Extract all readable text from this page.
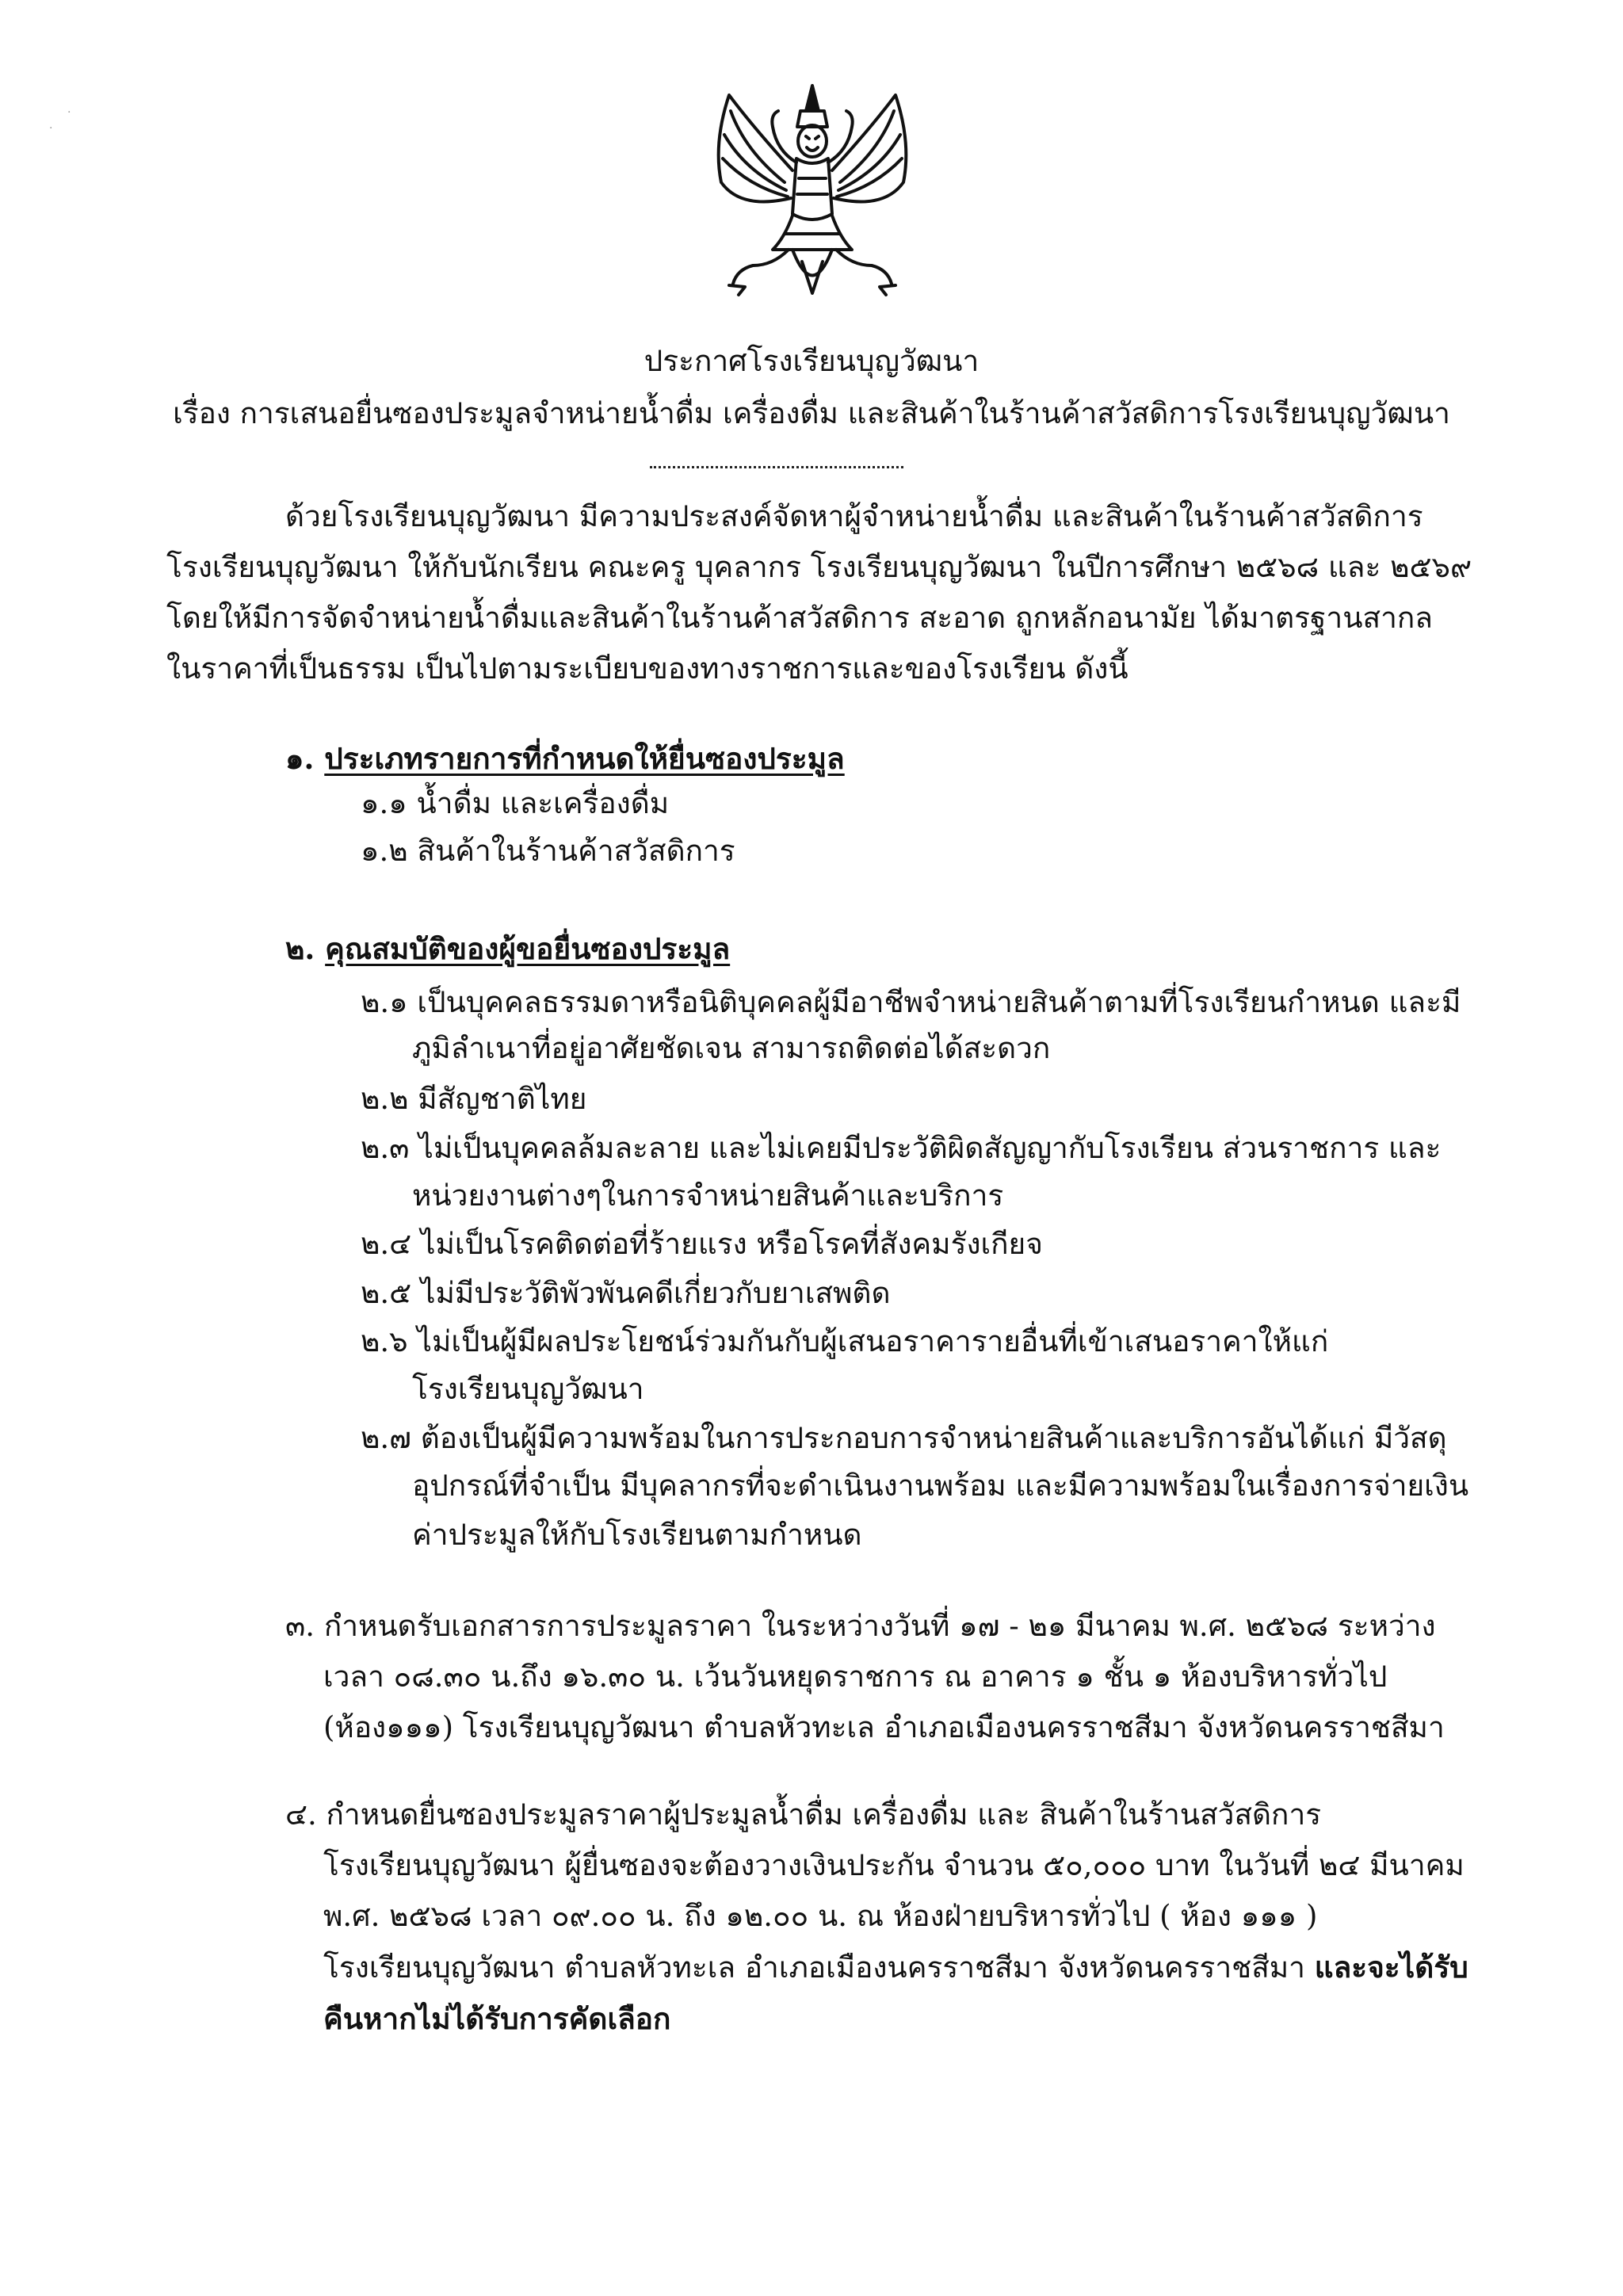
ประกาศโรงเรียนบุญวัฒนา
เรื่อง การเสนอยื่นซองประมูลจำหน่ายน้ำดื่ม เครื่องดื่ม และสินค้าในร้านค้าสวัสดิการโรงเรียนบุญวัฒนา

ด้วยโรงเรียนบุญวัฒนา มีความประสงค์จัดหาผู้จำหน่ายน้ำดื่ม และสินค้าในร้านค้าสวัสดิการ

โรงเรียนบุญวัฒนา ให้กับนักเรียน คณะครู บุคลากร โรงเรียนบุญวัฒนา ในปีการศึกษา ๒๕๖๘ และ ๒๕๖๙

โดยให้มีการจัดจำหน่ายน้ำดื่มและสินค้าในร้านค้าสวัสดิการ สะอาด ถูกหลักอนามัย ได้มาตรฐานสากล

ในราคาที่เป็นธรรม เป็นไปตามระเบียบของทางราชการและของโรงเรียน ดังนี้

๑. ประเภทรายการที่กำหนดให้ยื่นซองประมูล
๑.๑ น้ำดื่ม และเครื่องดื่ม
๑.๒ สินค้าในร้านค้าสวัสดิการ
๒. คุณสมบัติของผู้ขอยื่นซองประมูล
๒.๑ เป็นบุคคลธรรมดาหรือนิติบุคคลผู้มีอาชีพจำหน่ายสินค้าตามที่โรงเรียนกำหนด และมี
ภูมิลำเนาที่อยู่อาศัยชัดเจน สามารถติดต่อได้สะดวก
๒.๒ มีสัญชาติไทย
๒.๓ ไม่เป็นบุคคลล้มละลาย และไม่เคยมีประวัติผิดสัญญากับโรงเรียน ส่วนราชการ และ
หน่วยงานต่างๆในการจำหน่ายสินค้าและบริการ
๒.๔ ไม่เป็นโรคติดต่อที่ร้ายแรง หรือโรคที่สังคมรังเกียจ
๒.๕ ไม่มีประวัติพัวพันคดีเกี่ยวกับยาเสพติด
๒.๖ ไม่เป็นผู้มีผลประโยชน์ร่วมกันกับผู้เสนอราคารายอื่นที่เข้าเสนอราคาให้แก่
โรงเรียนบุญวัฒนา
๒.๗ ต้องเป็นผู้มีความพร้อมในการประกอบการจำหน่ายสินค้าและบริการอันได้แก่ มีวัสดุ
อุปกรณ์ที่จำเป็น มีบุคลากรที่จะดำเนินงานพร้อม และมีความพร้อมในเรื่องการจ่ายเงิน
ค่าประมูลให้กับโรงเรียนตามกำหนด

๓. กำหนดรับเอกสารการประมูลราคา ในระหว่างวันที่ ๑๗ - ๒๑ มีนาคม พ.ศ. ๒๕๖๘ ระหว่าง

เวลา ๐๘.๓๐ น.ถึง ๑๖.๓๐ น. เว้นวันหยุดราชการ ณ อาคาร ๑ ชั้น ๑ ห้องบริหารทั่วไป

(ห้อง๑๑๑) โรงเรียนบุญวัฒนา ตำบลหัวทะเล อำเภอเมืองนครราชสีมา จังหวัดนครราชสีมา

๔. กำหนดยื่นซองประมูลราคาผู้ประมูลน้ำดื่ม เครื่องดื่ม และ สินค้าในร้านสวัสดิการ

โรงเรียนบุญวัฒนา ผู้ยื่นซองจะต้องวางเงินประกัน จำนวน ๕๐,๐๐๐ บาท ในวันที่ ๒๔ มีนาคม

พ.ศ. ๒๕๖๘ เวลา ๐๙.๐๐ น. ถึง ๑๒.๐๐ น. ณ ห้องฝ่ายบริหารทั่วไป ( ห้อง ๑๑๑ )

โรงเรียนบุญวัฒนา ตำบลหัวทะเล อำเภอเมืองนครราชสีมา จังหวัดนครราชสีมา และจะได้รับ

คืนหากไม่ได้รับการคัดเลือก

.
.
